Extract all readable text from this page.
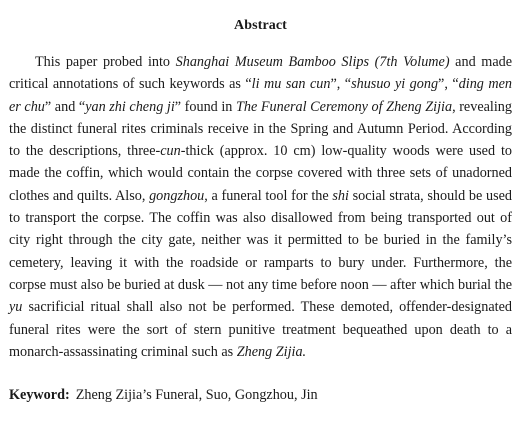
Abstract

This paper probed into Shanghai Museum Bamboo Slips (7th Volume) and made critical annotations of such keywords as “li mu san cun”, “shusuo yi gong”, “ding men er chu” and “yan zhi cheng ji” found in The Funeral Ceremony of Zheng Zijia, revealing the distinct funeral rites criminals receive in the Spring and Autumn Period. According to the descriptions, three-cun-thick (approx. 10 cm) low-quality woods were used to made the coffin, which would contain the corpse covered with three sets of unadorned clothes and quilts. Also, gongzhou, a funeral tool for the shi social strata, should be used to transport the corpse. The coffin was also disallowed from being transported out of city right through the city gate, neither was it permitted to be buried in the family’s cemetery, leaving it with the roadside or ramparts to bury under. Furthermore, the corpse must also be buried at dusk — not any time before noon — after which burial the yu sacrificial ritual shall also not be performed. These demoted, offender-designated funeral rites were the sort of stern punitive treatment bequeathed upon death to a monarch-assassinating criminal such as Zheng Zijia.

Keyword: Zheng Zijia’s Funeral, Suo, Gongzhou, Jin
